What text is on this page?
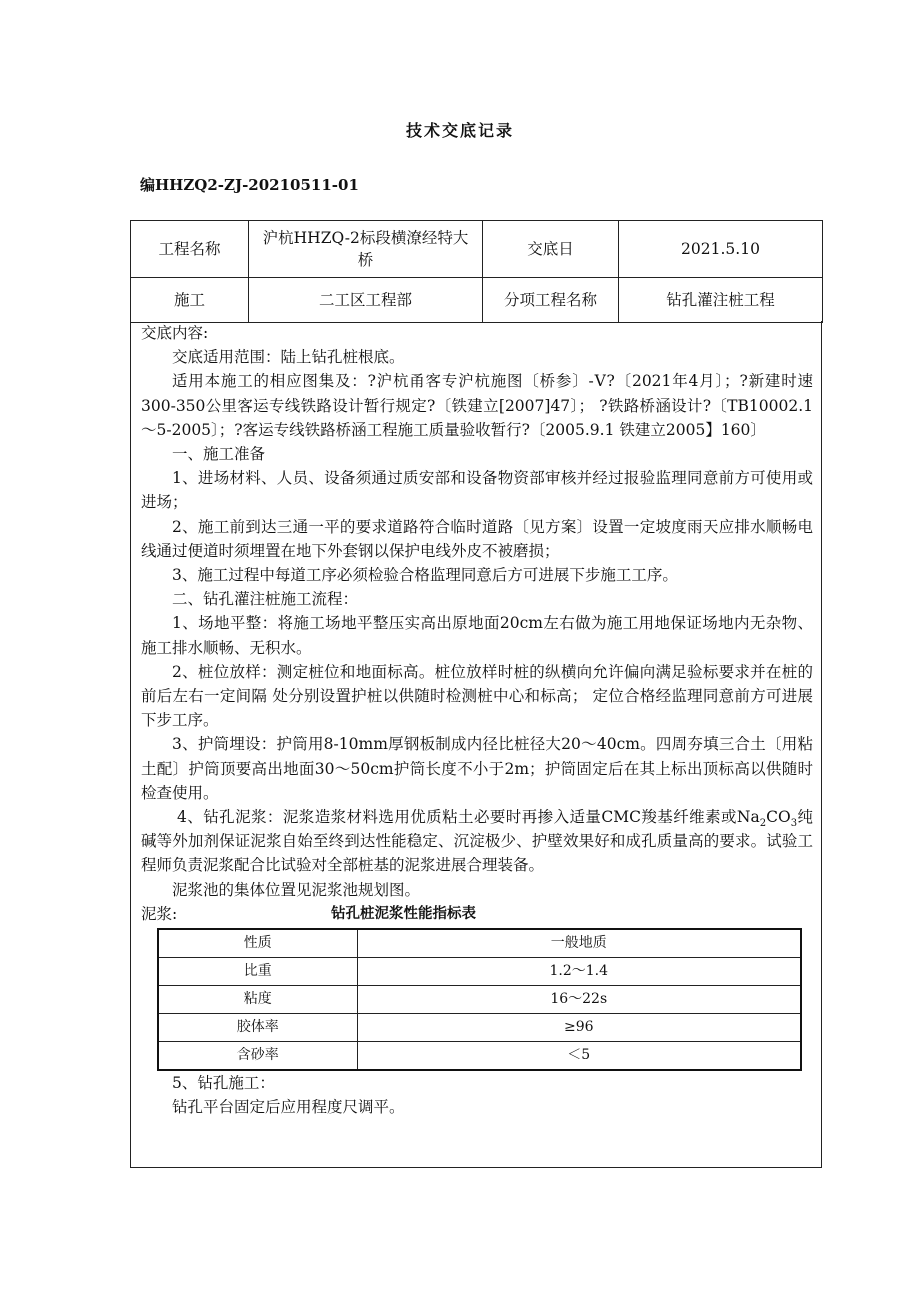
技术交底记录
编HHZQ2-ZJ-20210511-01
工程名称	沪杭HHZQ-2标段横潦经特大桥	交底日	2021.5.10
施工	二工区工程部	分项工程名称	钻孔灌注桩工程

交底内容:

交底适用范围：陆上钻孔桩根底。

适用本施工的相应图集及：?沪杭甬客专沪杭施图〔桥参〕-Ⅴ?〔2021年4月〕；?新建时速300-350公里客运专线铁路设计暂行规定?〔铁建立[2007]47〕； ?铁路桥涵设计?〔TB10002.1～5-2005〕；?客运专线铁路桥涵工程施工质量验收暂行?〔2005.9.1 铁建立2005】160〕

一、施工准备

1、进场材料、人员、设备须通过质安部和设备物资部审核并经过报验监理同意前方可使用或进场；

2、施工前到达三通一平的要求道路符合临时道路〔见方案〕设置一定坡度雨天应排水顺畅电线通过便道时须埋置在地下外套钢以保护电线外皮不被磨损；

3、施工过程中每道工序必须检验合格监理同意后方可进展下步施工工序。

二、钻孔灌注桩施工流程：

1、场地平整：将施工场地平整压实高出原地面20cm左右做为施工用地保证场地内无杂物、施工排水顺畅、无积水。

2、桩位放样：测定桩位和地面标高。桩位放样时桩的纵横向允许偏向满足验标要求并在桩的前后左右一定间隔 处分别设置护桩以供随时检测桩中心和标高； 定位合格经监理同意前方可进展下步工序。

3、护筒埋设：护筒用8-10mm厚钢板制成内径比桩径大20～40cm。四周夯填三合土〔用粘土配〕护筒顶要高出地面30～50cm护筒长度不小于2m；护筒固定后在其上标出顶标高以供随时检查使用。

4、钻孔泥浆：泥浆造浆材料选用优质粘土必要时再掺入适量CMC羧基纤维素或$Na_2CO_3$纯碱等外加剂保证泥浆自始至终到达性能稳定、沉淀极少、护壁效果好和成孔质量高的要求。试验工程师负责泥浆配合比试验对全部桩基的泥浆进展合理装备。

泥浆池的集体位置见泥浆池规划图。

泥浆:	钻孔桩泥浆性能指标表
性质	一般地质
比重	1.2～1.4
粘度	16～22s
胶体率	≥96
含砂率	＜5

5、钻孔施工：

钻孔平台固定后应用程度尺调平。
